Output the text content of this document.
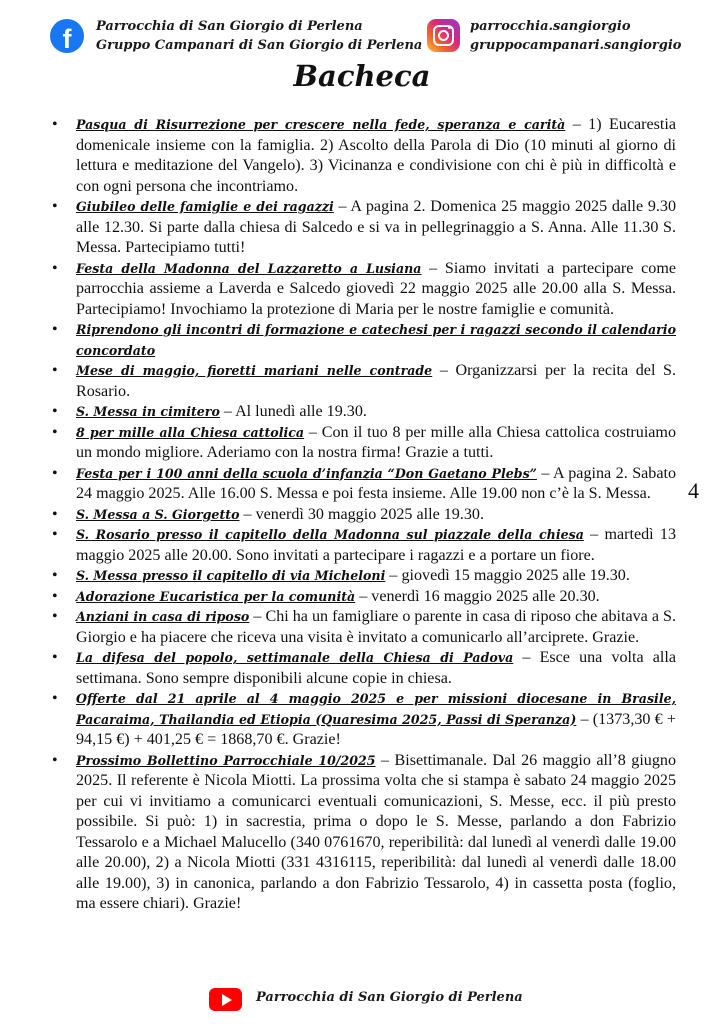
f	Parrocchia di San Giorgio di Perlena
Gruppo Campanari di San Giorgio di Perlena
parrocchia.sangiorgio
gruppocampanari.sangiorgio
Bacheca
• Pasqua di Risurrezione per crescere nella fede, speranza e carità – 1) Eucarestia domenicale insieme con la famiglia. 2) Ascolto della Parola di Dio (10 minuti al giorno di lettura e meditazione del Vangelo). 3) Vicinanza e condivisione con chi è più in difficoltà e con ogni persona che incontriamo.
• Giubileo delle famiglie e dei ragazzi – A pagina 2. Domenica 25 maggio 2025 dalle 9.30 alle 12.30. Si parte dalla chiesa di Salcedo e si va in pellegrinaggio a S. Anna. Alle 11.30 S. Messa. Partecipiamo tutti!
• Festa della Madonna del Lazzaretto a Lusiana – Siamo invitati a partecipare come parrocchia assieme a Laverda e Salcedo giovedì 22 maggio 2025 alle 20.00 alla S. Messa. Partecipiamo! Invochiamo la protezione di Maria per le nostre famiglie e comunità.
• Riprendono gli incontri di formazione e catechesi per i ragazzi secondo il calendario concordato
• Mese di maggio, fioretti mariani nelle contrade – Organizzarsi per la recita del S. Rosario.
• S. Messa in cimitero – Al lunedì alle 19.30.
• 8 per mille alla Chiesa cattolica – Con il tuo 8 per mille alla Chiesa cattolica costruiamo un mondo migliore. Aderiamo con la nostra firma! Grazie a tutti.
• Festa per i 100 anni della scuola d’infanzia “Don Gaetano Plebs” – A pagina 2. Sabato 24 maggio 2025. Alle 16.00 S. Messa e poi festa insieme. Alle 19.00 non c’è la S. Messa.
• S. Messa a S. Giorgetto – venerdì 30 maggio 2025 alle 19.30.
• S. Rosario presso il capitello della Madonna sul piazzale della chiesa – martedì 13 maggio 2025 alle 20.00. Sono invitati a partecipare i ragazzi e a portare un fiore.
• S. Messa presso il capitello di via Micheloni – giovedì 15 maggio 2025 alle 19.30.
• Adorazione Eucaristica per la comunità – venerdì 16 maggio 2025 alle 20.30.
• Anziani in casa di riposo – Chi ha un famigliare o parente in casa di riposo che abitava a S. Giorgio e ha piacere che riceva una visita è invitato a comunicarlo all’arciprete. Grazie.
• La difesa del popolo, settimanale della Chiesa di Padova – Esce una volta alla settimana. Sono sempre disponibili alcune copie in chiesa.
• Offerte dal 21 aprile al 4 maggio 2025 e per missioni diocesane in Brasile, Pacaraima, Thailandia ed Etiopia (Quaresima 2025, Passi di Speranza) – (1373,30 € + 94,15 €) + 401,25 € = 1868,70 €. Grazie!
• Prossimo Bollettino Parrocchiale 10/2025 – Bisettimanale. Dal 26 maggio all’8 giugno 2025. Il referente è Nicola Miotti. La prossima volta che si stampa è sabato 24 maggio 2025 per cui vi invitiamo a comunicarci eventuali comunicazioni, S. Messe, ecc. il più presto possibile. Si può: 1) in sacrestia, prima o dopo le S. Messe, parlando a don Fabrizio Tessarolo e a Michael Malucello (340 0761670, reperibilità: dal lunedì al venerdì dalle 19.00 alle 20.00), 2) a Nicola Miotti (331 4316115, reperibilità: dal lunedì al venerdì dalle 18.00 alle 19.00), 3) in canonica, parlando a don Fabrizio Tessarolo, 4) in cassetta posta (foglio, ma essere chiari). Grazie!
4
Parrocchia di San Giorgio di Perlena
